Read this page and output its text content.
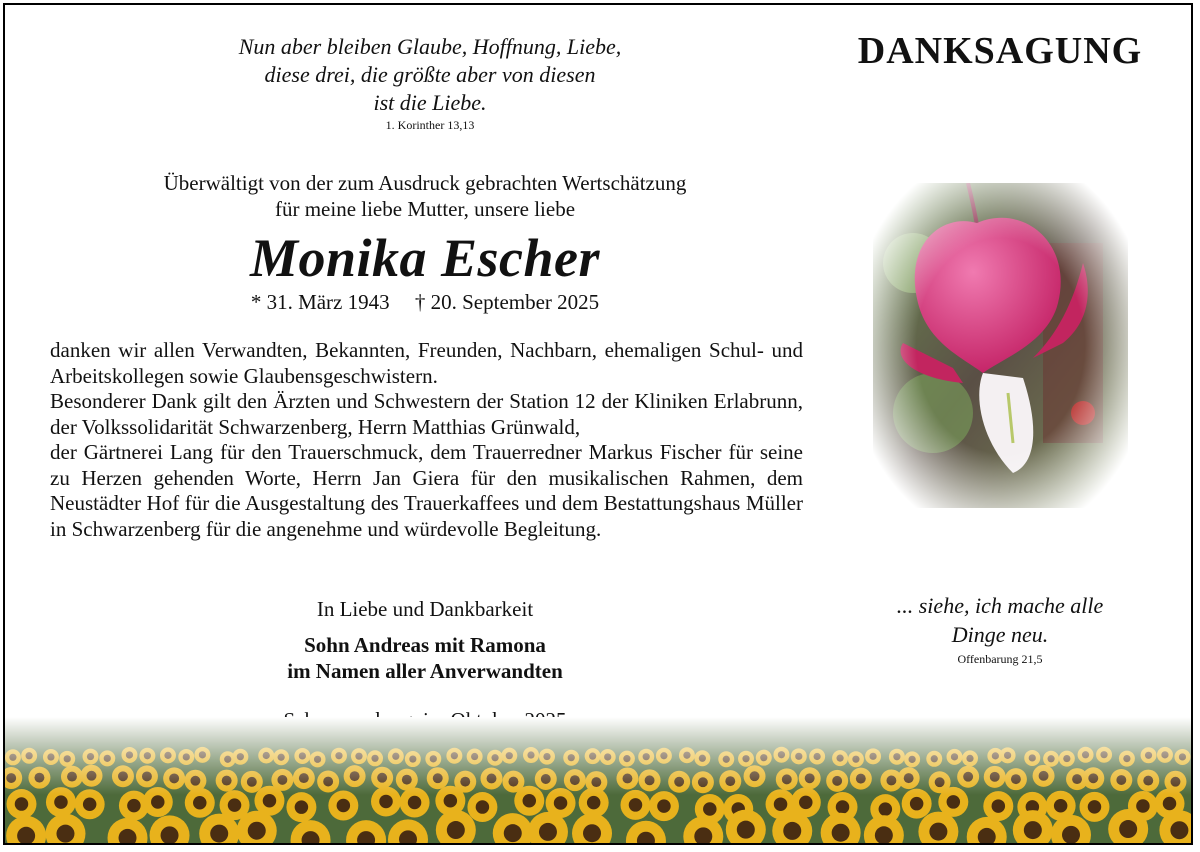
Nun aber bleiben Glaube, Hoffnung, Liebe,
diese drei, die größte aber von diesen
ist die Liebe.
1. Korinther 13,13
DANKSAGUNG
Überwältigt von der zum Ausdruck gebrachten Wertschätzung
für meine liebe Mutter, unsere liebe
Monika Escher
* 31. März 1943 † 20. September 2025

danken wir allen Verwandten, Bekannten, Freunden, Nachbarn, ehemaligen Schul- und Arbeitskollegen sowie Glaubensgeschwistern.

Besonderer Dank gilt den Ärzten und Schwestern der Station 12 der Kliniken Erlabrunn, der Volkssolidarität Schwarzenberg, Herrn Matthias Grünwald,

der Gärtnerei Lang für den Trauerschmuck, dem Trauerredner Markus Fischer für seine zu Herzen gehenden Worte, Herrn Jan Giera für den musikalischen Rahmen, dem Neustädter Hof für die Ausgestaltung des Trauerkaffees und dem Bestattungshaus Müller in Schwarzenberg für die angenehme und würdevolle Begleitung.

In Liebe und Dankbarkeit
Sohn Andreas mit Ramona
im Namen aller Anverwandten
... siehe, ich mache alle
Dinge neu.
Offenbarung 21,5
